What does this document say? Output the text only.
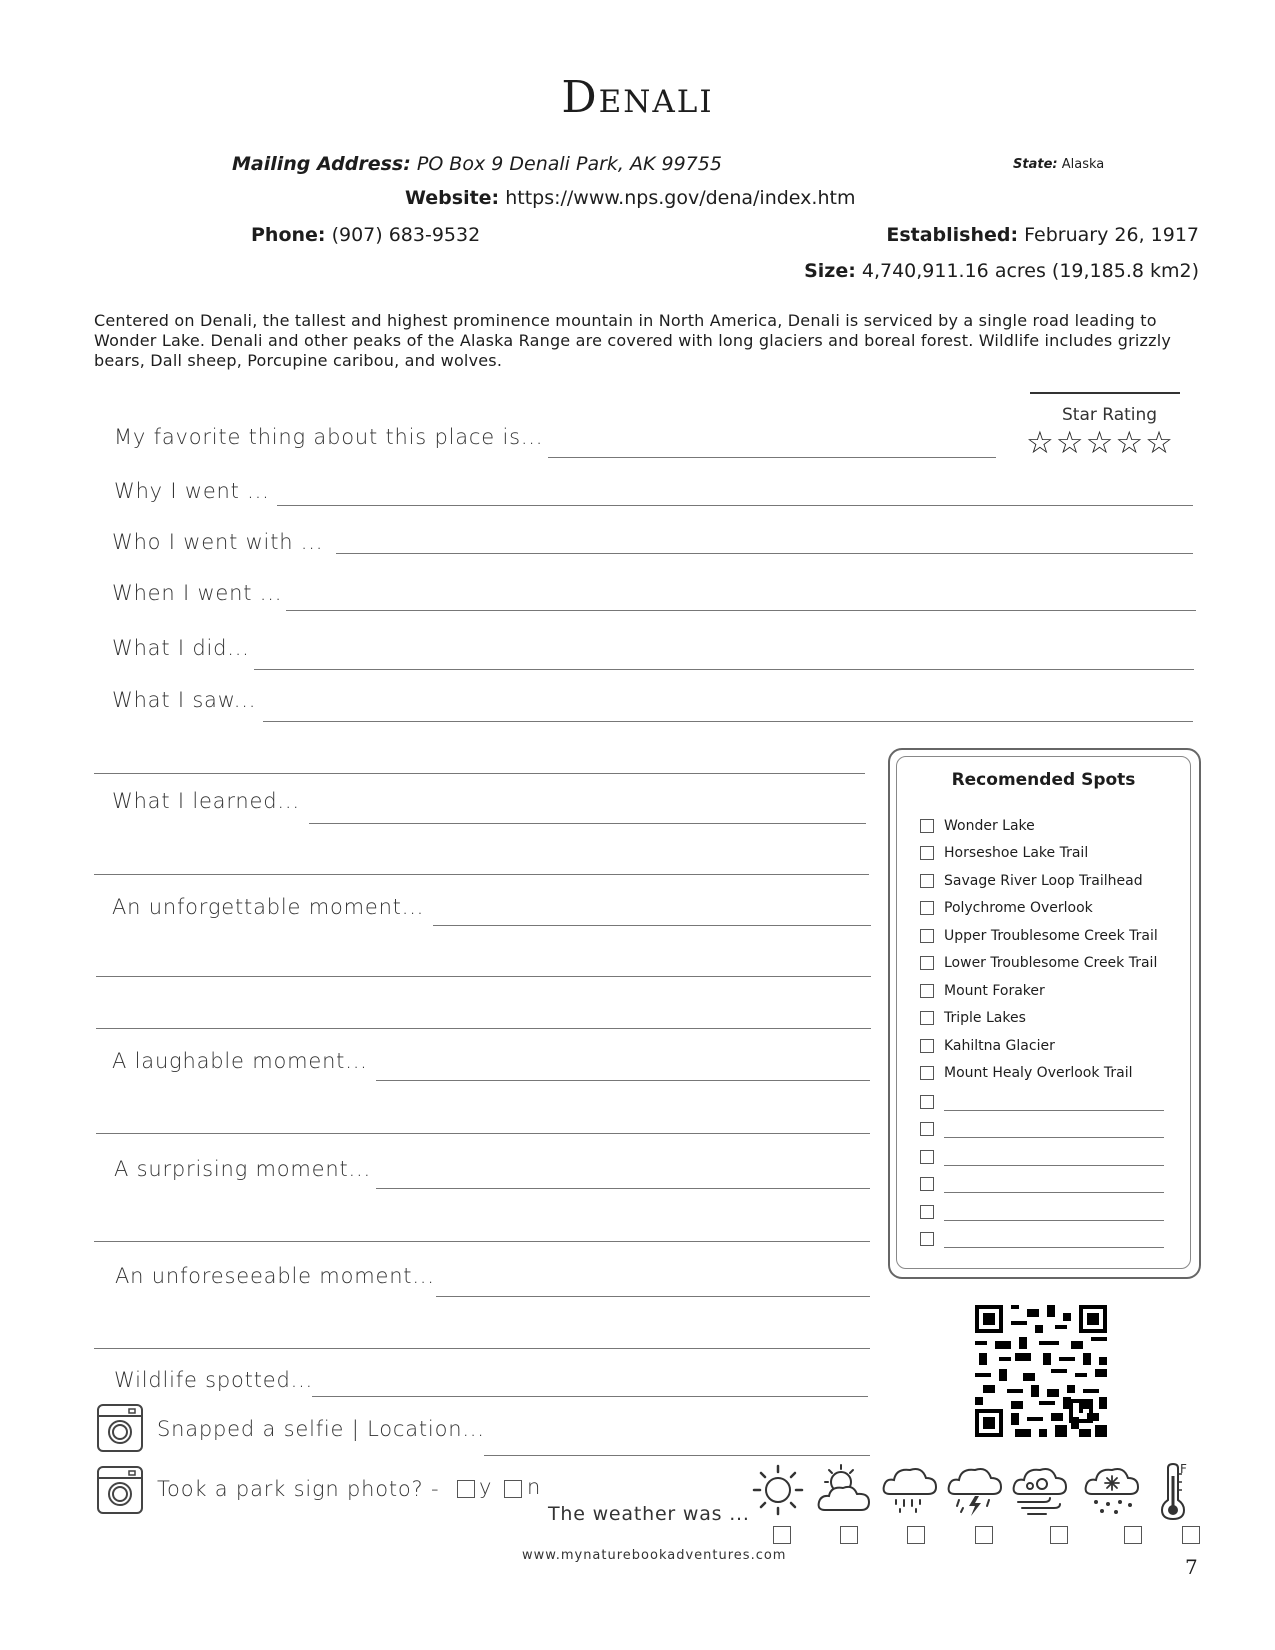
Denali
Mailing Address: PO Box 9 Denali Park, AK 99755	State: Alaska
Website: https://www.nps.gov/dena/index.htm
Phone: (907) 683-9532	Established: February 26, 1917
Size: 4,740,911.16 acres (19,185.8 km2)
Centered on Denali, the tallest and highest prominence mountain in North America, Denali is serviced by a single road leading to Wonder Lake. Denali and other peaks of the Alaska Range are covered with long glaciers and boreal forest. Wildlife includes grizzly bears, Dall sheep, Porcupine caribou, and wolves.
Star Rating
☆☆☆☆☆
My favorite thing about this place is...
Why I went ...
Who I went with ...
When I went ...
What I did...
What I saw...
What I learned...
An unforgettable moment...
A laughable moment...
A surprising moment...
An unforeseeable moment...
Wildlife spotted...
Snapped a selfie | Location...
Took a park sign photo? - y n
Recomended Spots
Wonder Lake
Horseshoe Lake Trail
Savage River Loop Trailhead
Polychrome Overlook
Upper Troublesome Creek Trail
Lower Troublesome Creek Trail
Mount Foraker
Triple Lakes
Kahiltna Glacier
Mount Healy Overlook Trail
The weather was ...
F
www.mynaturebookadventures.com	7
